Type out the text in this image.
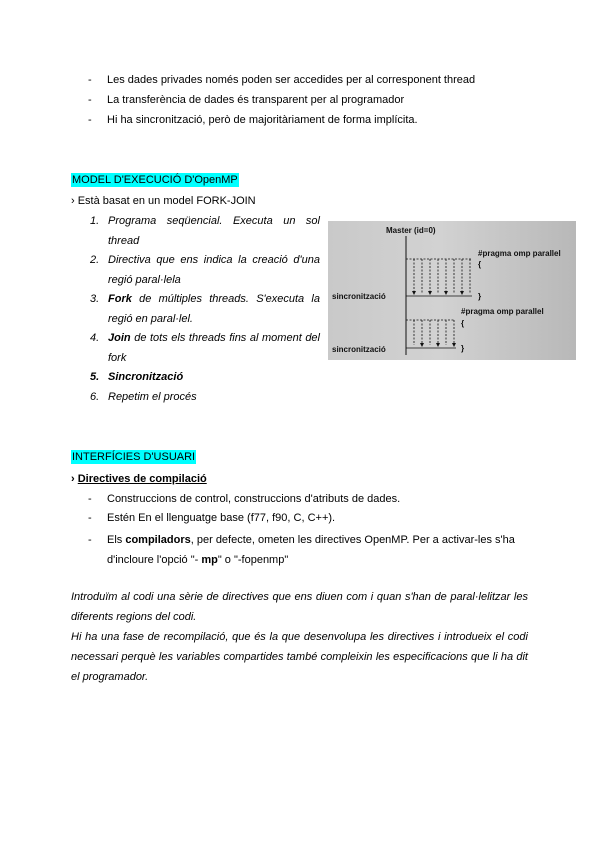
- Les dades privades només poden ser accedides per al corresponent thread
- La transferència de dades és transparent per al programador
- Hi ha sincronització, però de majoritàriament de forma implícita.
MODEL D'EXECUCIÓ D'OpenMP
› Està basat en un model FORK-JOIN
1. Programa seqüencial. Executa un sol thread
2. Directiva que ens indica la creació d'una regió paral·lela
3. Fork de múltiples threads. S'executa la regió en paral·lel.
4. Join de tots els threads fins al moment del fork
5. Sincronització
6. Repetim el procés
Master (id=0)
#pragma omp parallel
{
}
sincronització
#pragma omp parallel
{
}
sincronització
INTERFÍCIES D'USUARI
› Directives de compilació
- Construccions de control, construccions d'atributs de dades.
- Estén En el llenguatge base (f77, f90, C, C++).
- Els compiladors, per defecte, ometen les directives OpenMP. Per a activar-les s'ha d'incloure l'opció "- mp" o "-fopenmp"
Introduïm al codi una sèrie de directives que ens diuen com i quan s'han de paral·lelitzar les diferents regions del codi.
Hi ha una fase de recompilació, que és la que desenvolupa les directives i introdueix el codi necessari perquè les variables compartides també compleixin les especificacions que li ha dit el programador.
